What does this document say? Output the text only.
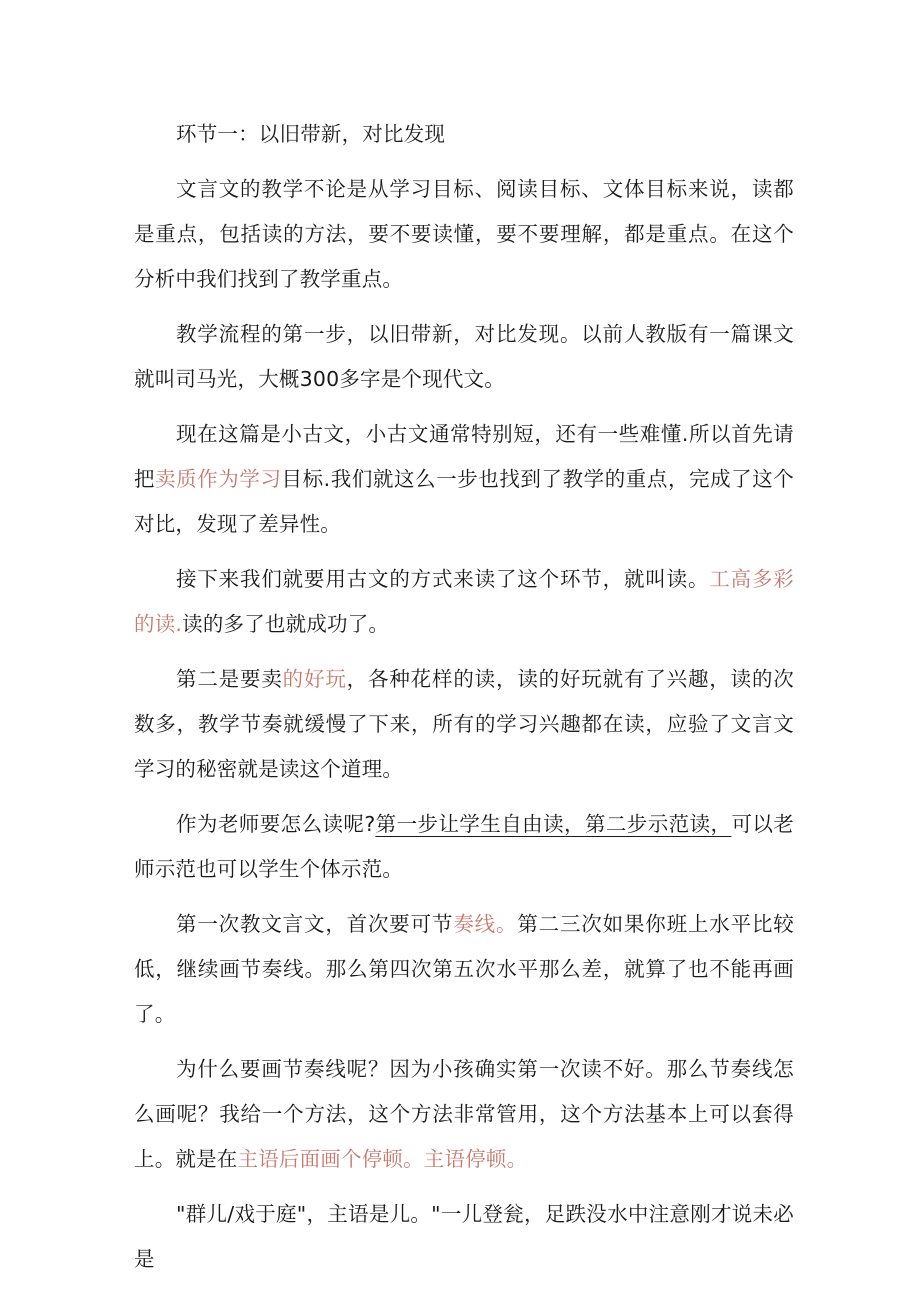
环节一：以旧带新，对比发现

文言文的教学不论是从学习目标、阅读目标、文体目标来说，读都是重点，包括读的方法，要不要读懂，要不要理解，都是重点。在这个分析中我们找到了教学重点。

教学流程的第一步，以旧带新，对比发现。以前人教版有一篇课文就叫司马光，大概300多字是个现代文。

现在这篇是小古文，小古文通常特别短，还有一些难懂.所以首先请把卖质作为学习目标.我们就这么一步也找到了教学的重点，完成了这个对比，发现了差异性。

接下来我们就要用古文的方式来读了这个环节，就叫读。工高多彩的读.读的多了也就成功了。

第二是要卖的好玩，各种花样的读，读的好玩就有了兴趣，读的次数多，教学节奏就缓慢了下来，所有的学习兴趣都在读，应验了文言文学习的秘密就是读这个道理。

作为老师要怎么读呢?第一步让学生自由读，第二步示范读，可以老师示范也可以学生个体示范。

第一次教文言文，首次要可节奏线。第二三次如果你班上水平比较低，继续画节奏线。那么第四次第五次水平那么差，就算了也不能再画了。

为什么要画节奏线呢？因为小孩确实第一次读不好。那么节奏线怎么画呢？我给一个方法，这个方法非常管用，这个方法基本上可以套得上。就是在主语后面画个停顿。主语停顿。

"群儿/戏于庭"，主语是儿。"一儿登瓮，足跌没水中注意刚才说未必是
